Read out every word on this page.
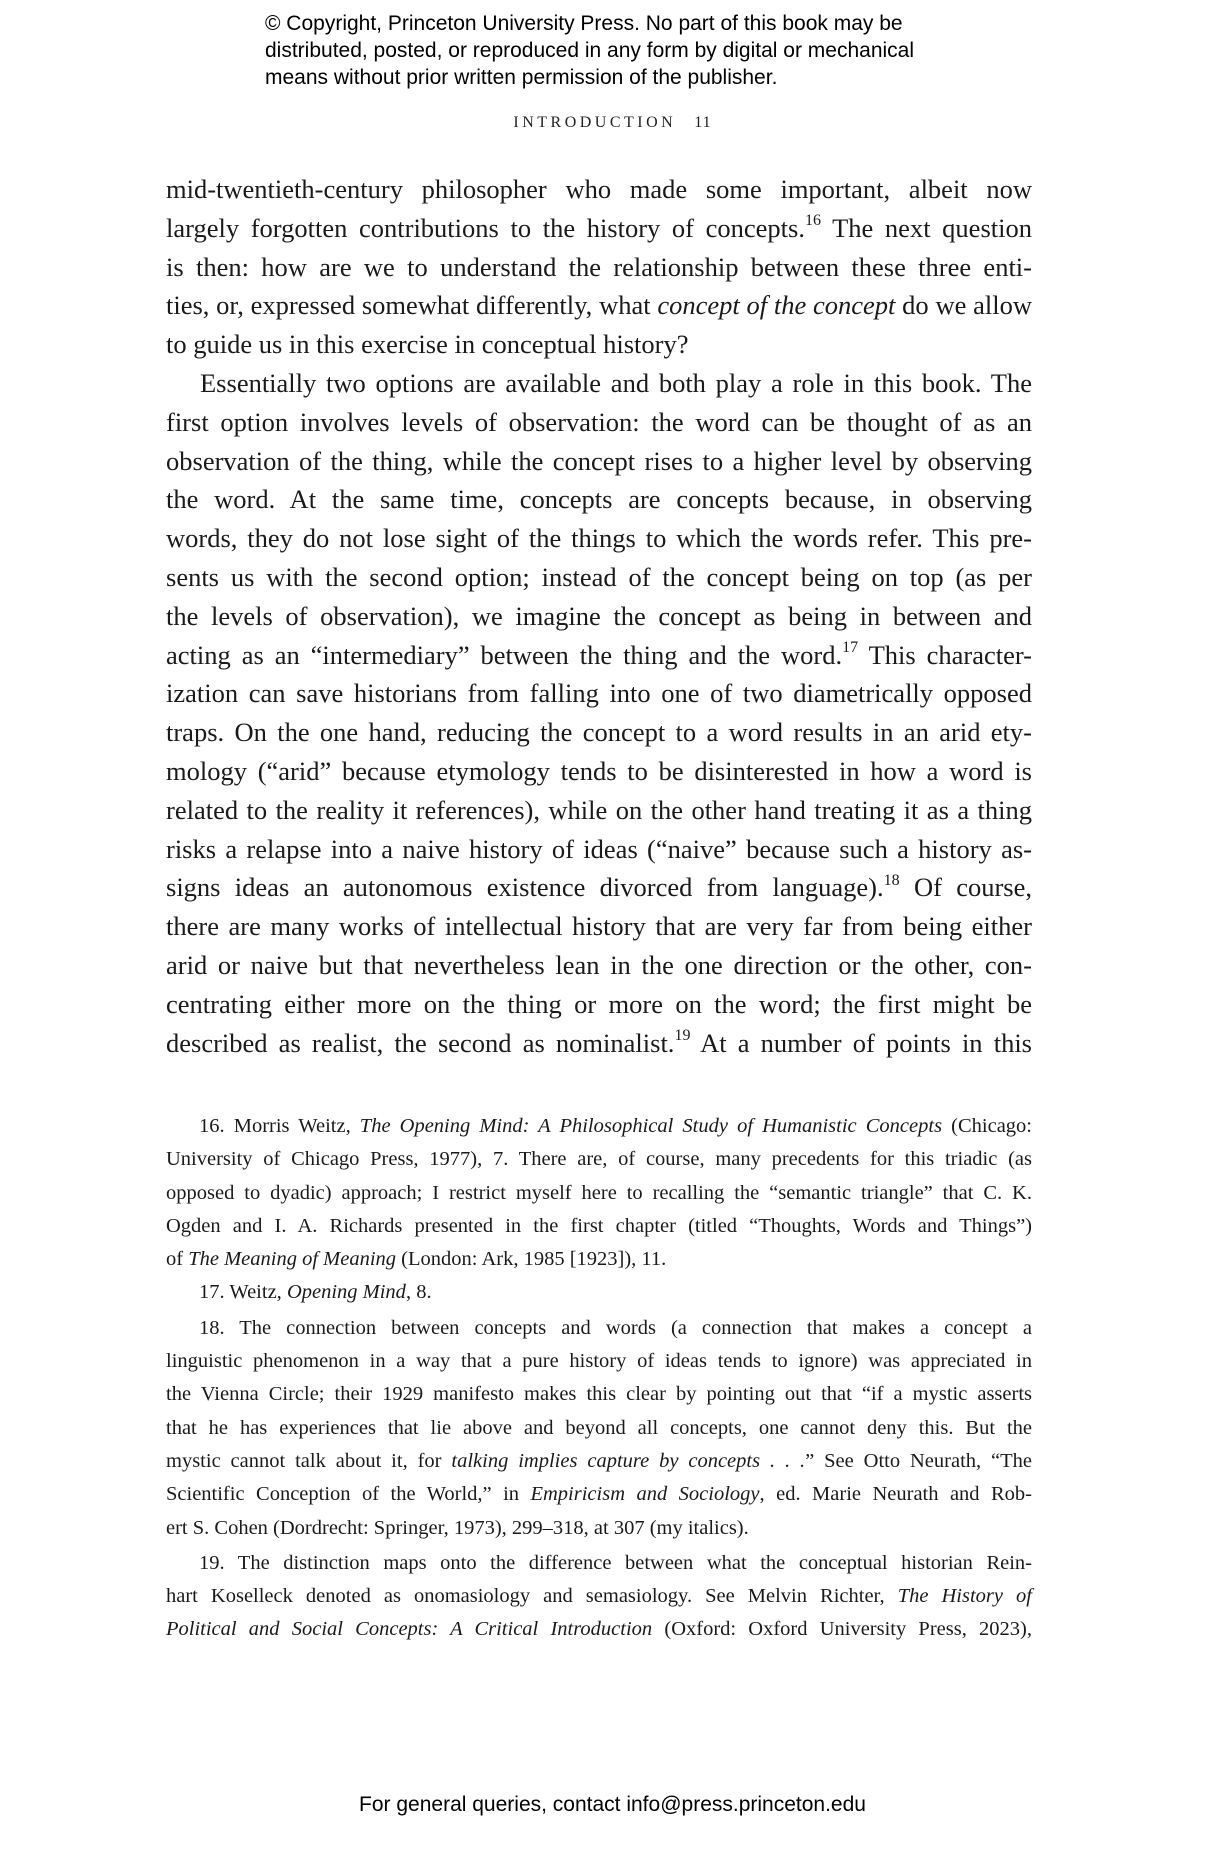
© Copyright, Princeton University Press. No part of this book may be
distributed, posted, or reproduced in any form by digital or mechanical
means without prior written permission of the publisher.
INTRODUCTION 11
mid-twentieth-century philosopher who made some important, albeit now
largely forgotten contributions to the history of concepts.$^{16}$ The next question
is then: how are we to understand the relationship between these three enti-
ties, or, expressed somewhat differently, what concept of the concept do we allow
to guide us in this exercise in conceptual history?
Essentially two options are available and both play a role in this book. The
first option involves levels of observation: the word can be thought of as an
observation of the thing, while the concept rises to a higher level by observing
the word. At the same time, concepts are concepts because, in observing
words, they do not lose sight of the things to which the words refer. This pre-
sents us with the second option; instead of the concept being on top (as per
the levels of observation), we imagine the concept as being in between and
acting as an “intermediary” between the thing and the word.$^{17}$ This character-
ization can save historians from falling into one of two diametrically opposed
traps. On the one hand, reducing the concept to a word results in an arid ety-
mology (“arid” because etymology tends to be disinterested in how a word is
related to the reality it references), while on the other hand treating it as a thing
risks a relapse into a naive history of ideas (“naive” because such a history as-
signs ideas an autonomous existence divorced from language).$^{18}$ Of course,
there are many works of intellectual history that are very far from being either
arid or naive but that nevertheless lean in the one direction or the other, con-
centrating either more on the thing or more on the word; the first might be
described as realist, the second as nominalist.$^{19}$ At a number of points in this
16. Morris Weitz, The Opening Mind: A Philosophical Study of Humanistic Concepts (Chicago:
University of Chicago Press, 1977), 7. There are, of course, many precedents for this triadic (as
opposed to dyadic) approach; I restrict myself here to recalling the “semantic triangle” that C. K.
Ogden and I. A. Richards presented in the first chapter (titled “Thoughts, Words and Things”)
of The Meaning of Meaning (London: Ark, 1985 [1923]), 11.
17. Weitz, Opening Mind, 8.
18. The connection between concepts and words (a connection that makes a concept a
linguistic phenomenon in a way that a pure history of ideas tends to ignore) was appreciated in
the Vienna Circle; their 1929 manifesto makes this clear by pointing out that “if a mystic asserts
that he has experiences that lie above and beyond all concepts, one cannot deny this. But the
mystic cannot talk about it, for talking implies capture by concepts . . .” See Otto Neurath, “The
Scientific Conception of the World,” in Empiricism and Sociology, ed. Marie Neurath and Rob-
ert S. Cohen (Dordrecht: Springer, 1973), 299–318, at 307 (my italics).
19. The distinction maps onto the difference between what the conceptual historian Rein-
hart Koselleck denoted as onomasiology and semasiology. See Melvin Richter, The History of
Political and Social Concepts: A Critical Introduction (Oxford: Oxford University Press, 2023),
For general queries, contact info@press.princeton.edu
